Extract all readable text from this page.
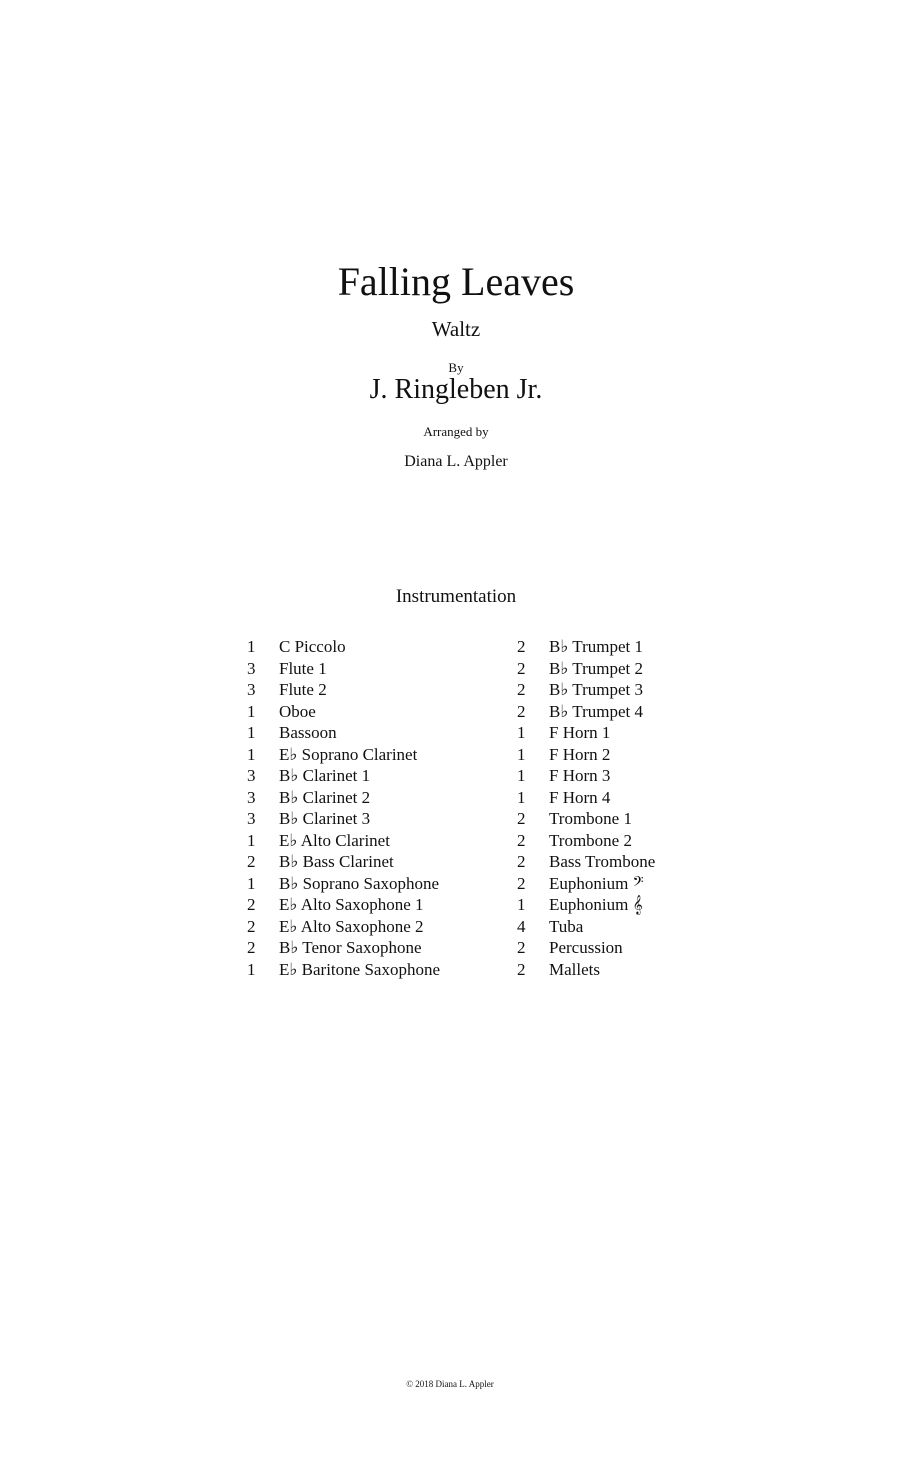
Falling Leaves
Waltz
By
J. Ringleben Jr.
Arranged by
Diana L. Appler
Instrumentation
1	C Piccolo
3	Flute 1
3	Flute 2
1	Oboe
1	Bassoon
1	E♭ Soprano Clarinet
3	B♭ Clarinet 1
3	B♭ Clarinet 2
3	B♭ Clarinet 3
1	E♭ Alto Clarinet
2	B♭ Bass Clarinet
1	B♭ Soprano Saxophone
2	E♭ Alto Saxophone 1
2	E♭ Alto Saxophone 2
2	B♭ Tenor Saxophone
1	E♭ Baritone Saxophone
2	B♭ Trumpet 1
2	B♭ Trumpet 2
2	B♭ Trumpet 3
2	B♭ Trumpet 4
1	F Horn 1
1	F Horn 2
1	F Horn 3
1	F Horn 4
2	Trombone 1
2	Trombone 2
2	Bass Trombone
2	Euphonium 𝄢
1	Euphonium 𝄞
4	Tuba
2	Percussion
2	Mallets
© 2018 Diana L. Appler
